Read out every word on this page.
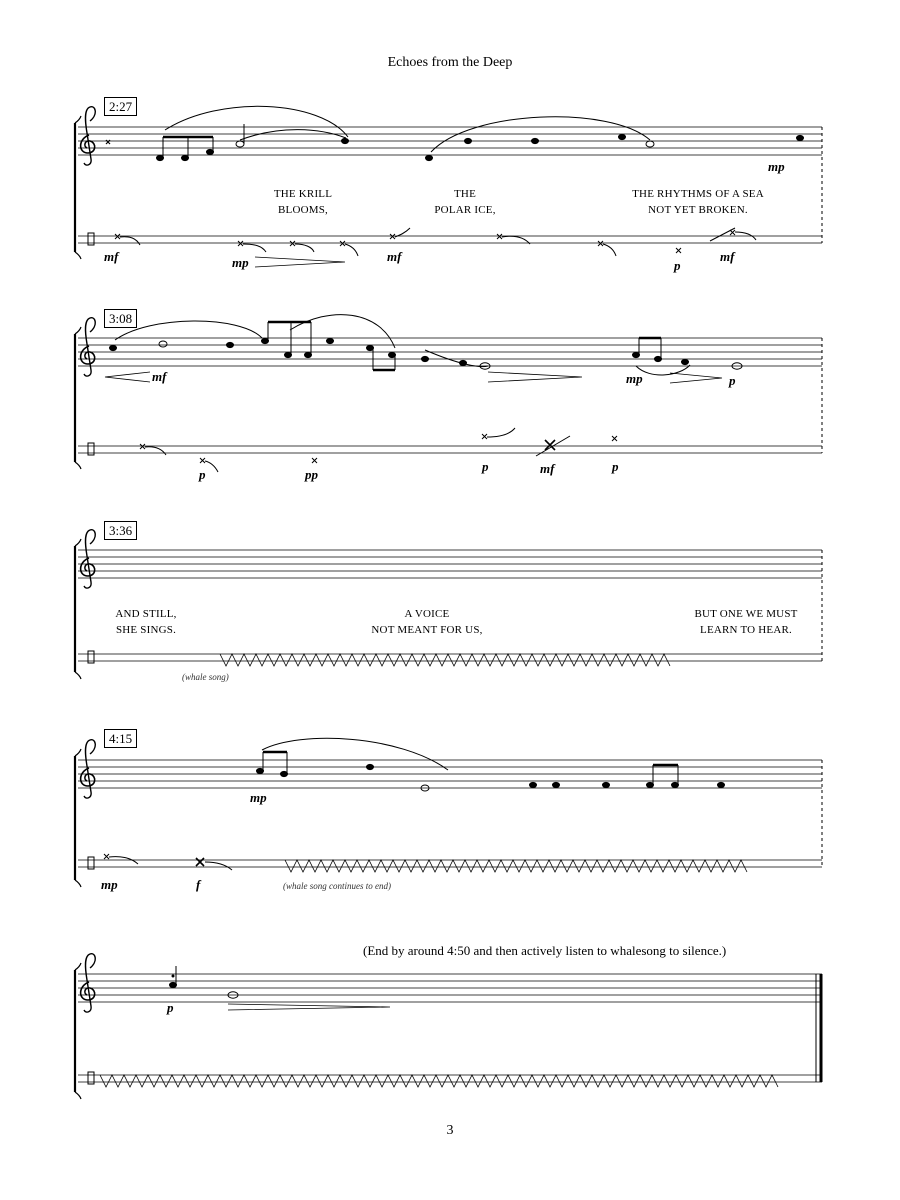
Echoes from the Deep
2:27
THE KRILL
BLOOMS,
THE
POLAR ICE,
THE RHYTHMS OF A SEA
NOT YET BROKEN.
mp
mf	mp	mf
p
mf
3:08
mf	mp	p
p	pp
p	mf	p
3:36
AND STILL,
SHE SINGS.
A VOICE
NOT MEANT FOR US,
BUT ONE WE MUST
LEARN TO HEAR.
(whale song)
4:15
mp
mp	f	(whale song continues to end)
(End by around 4:50 and then actively listen to whalesong to silence.)
p
3
